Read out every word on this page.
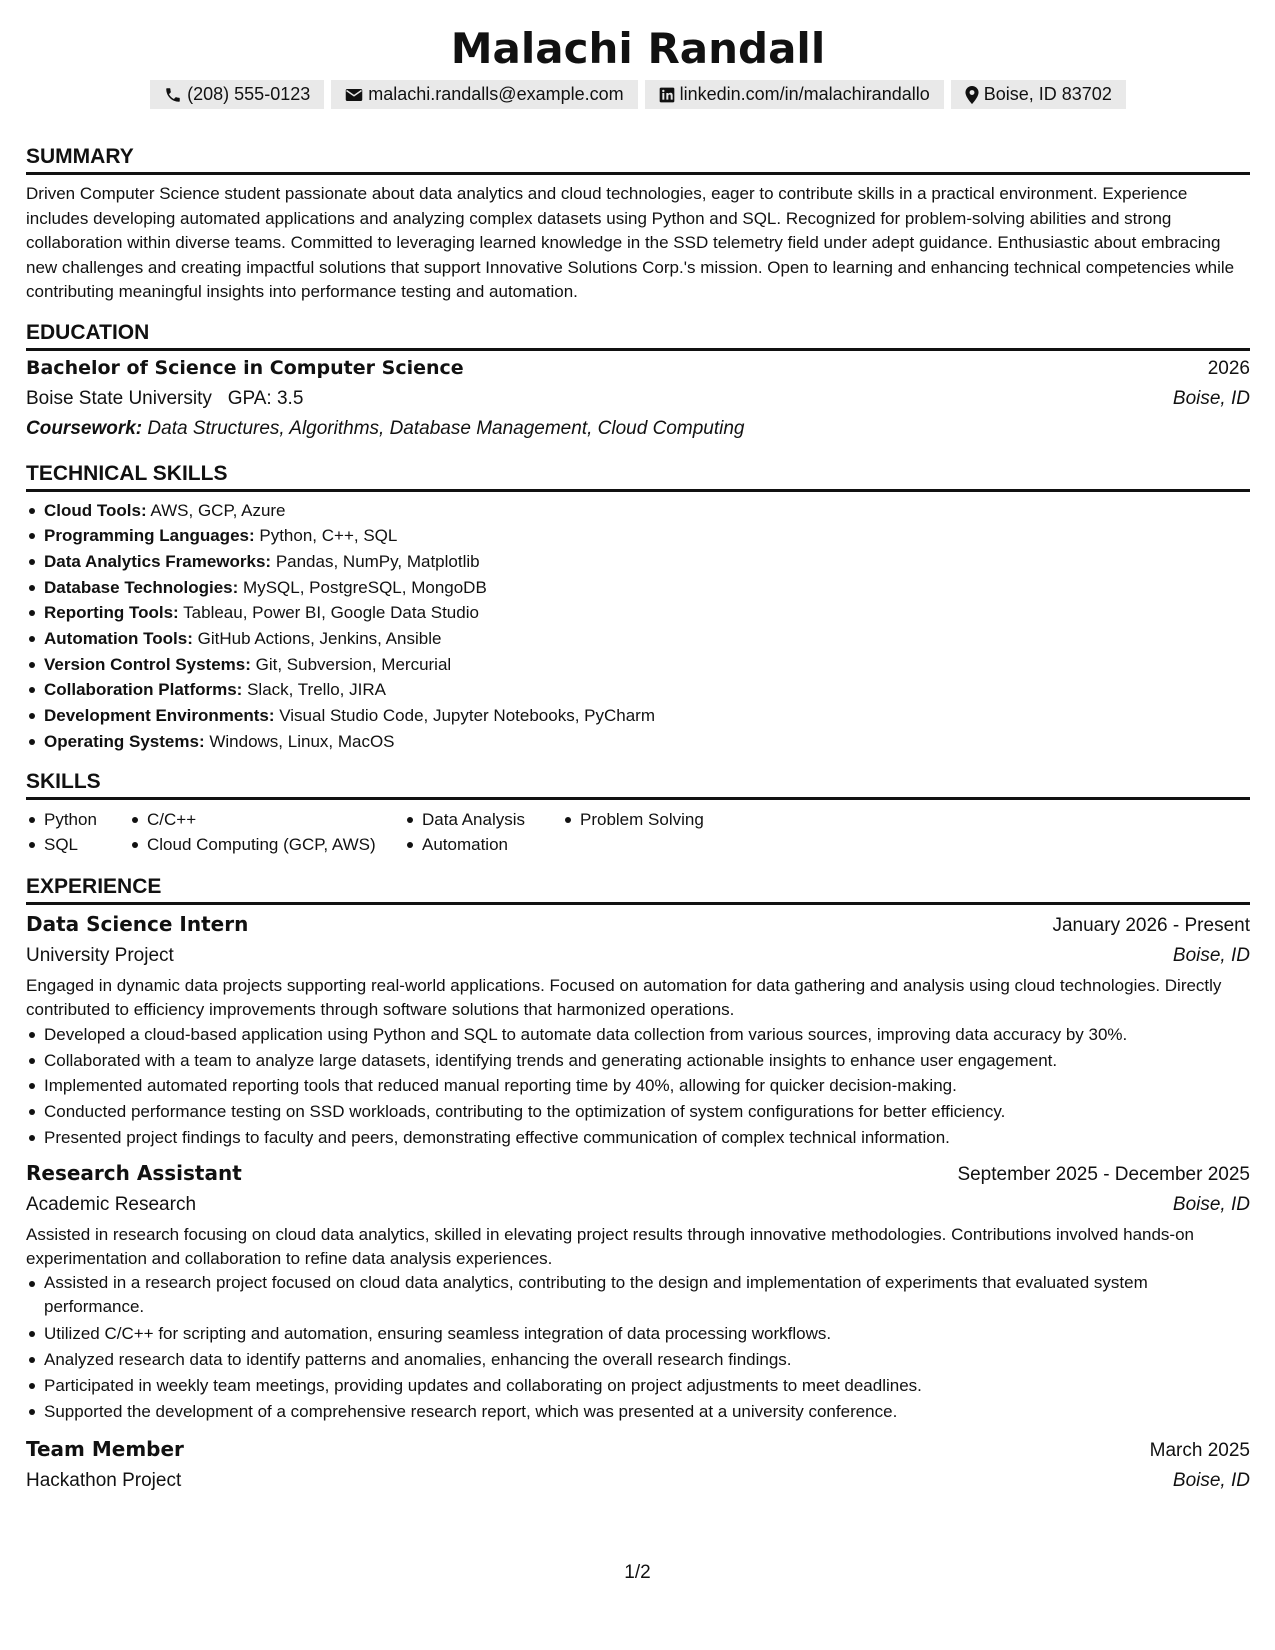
Malachi Randall
(208) 555-0123	malachi.randalls@example.com	linkedin.com/in/malachirandallo	Boise, ID 83702
SUMMARY
Driven Computer Science student passionate about data analytics and cloud technologies, eager to contribute skills in a practical environment. Experience includes developing automated applications and analyzing complex datasets using Python and SQL. Recognized for problem-solving abilities and strong collaboration within diverse teams. Committed to leveraging learned knowledge in the SSD telemetry field under adept guidance. Enthusiastic about embracing new challenges and creating impactful solutions that support Innovative Solutions Corp.'s mission. Open to learning and enhancing technical competencies while contributing meaningful insights into performance testing and automation.
EDUCATION
Bachelor of Science in Computer Science	2026
Boise State University GPA: 3.5	Boise, ID
Coursework: Data Structures, Algorithms, Database Management, Cloud Computing
TECHNICAL SKILLS
Cloud Tools: AWS, GCP, Azure
Programming Languages: Python, C++, SQL
Data Analytics Frameworks: Pandas, NumPy, Matplotlib
Database Technologies: MySQL, PostgreSQL, MongoDB
Reporting Tools: Tableau, Power BI, Google Data Studio
Automation Tools: GitHub Actions, Jenkins, Ansible
Version Control Systems: Git, Subversion, Mercurial
Collaboration Platforms: Slack, Trello, JIRA
Development Environments: Visual Studio Code, Jupyter Notebooks, PyCharm
Operating Systems: Windows, Linux, MacOS
SKILLS
Python
SQL
C/C++
Cloud Computing (GCP, AWS)
Data Analysis
Automation
Problem Solving
EXPERIENCE
Data Science Intern	January 2026 - Present
University Project	Boise, ID
Engaged in dynamic data projects supporting real-world applications. Focused on automation for data gathering and analysis using cloud technologies. Directly contributed to efficiency improvements through software solutions that harmonized operations.
Developed a cloud-based application using Python and SQL to automate data collection from various sources, improving data accuracy by 30%.
Collaborated with a team to analyze large datasets, identifying trends and generating actionable insights to enhance user engagement.
Implemented automated reporting tools that reduced manual reporting time by 40%, allowing for quicker decision-making.
Conducted performance testing on SSD workloads, contributing to the optimization of system configurations for better efficiency.
Presented project findings to faculty and peers, demonstrating effective communication of complex technical information.
Research Assistant	September 2025 - December 2025
Academic Research	Boise, ID
Assisted in research focusing on cloud data analytics, skilled in elevating project results through innovative methodologies. Contributions involved hands-on experimentation and collaboration to refine data analysis experiences.
Assisted in a research project focused on cloud data analytics, contributing to the design and implementation of experiments that evaluated system performance.
Utilized C/C++ for scripting and automation, ensuring seamless integration of data processing workflows.
Analyzed research data to identify patterns and anomalies, enhancing the overall research findings.
Participated in weekly team meetings, providing updates and collaborating on project adjustments to meet deadlines.
Supported the development of a comprehensive research report, which was presented at a university conference.
Team Member	March 2025
Hackathon Project	Boise, ID
1/2
